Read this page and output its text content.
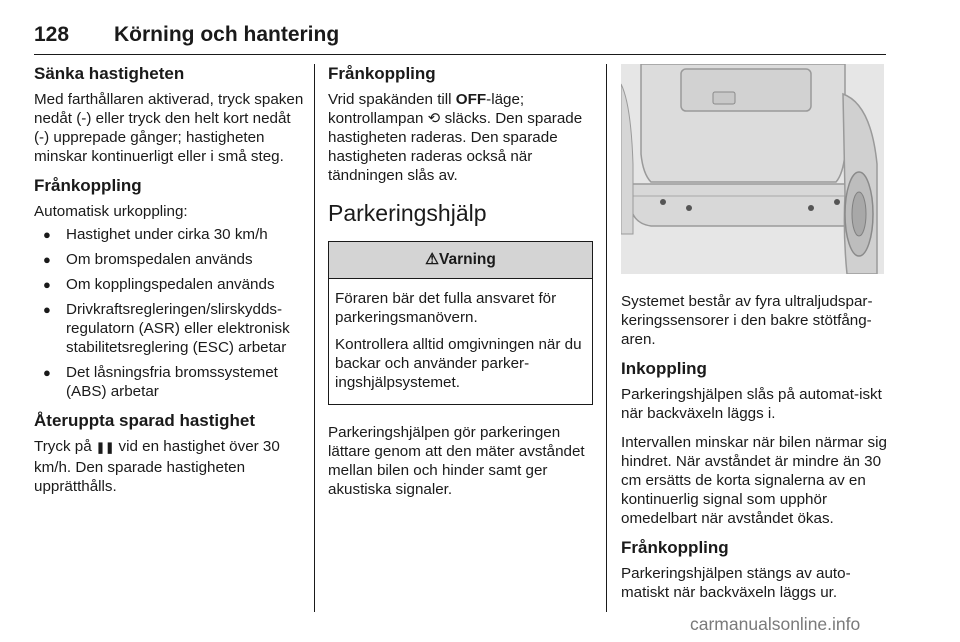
128 Körning och hantering
Sänka hastigheten

Med farthållaren aktiverad, tryck spaken nedåt (-) eller tryck den helt kort nedåt (-) upprepade gånger; hastigheten minskar kontinuerligt eller i små steg.

Frånkoppling

Automatisk urkoppling:

● Hastighet under cirka 30 km/h
● Om bromspedalen används
● Om kopplingspedalen används
● Drivkraftsregleringen/slirskydds-regulatorn (ASR) eller elektronisk stabilitetsreglering (ESC) arbetar
● Det låsningsfria bromssystemet (ABS) arbetar
Återuppta sparad hastighet

Tryck på ❚❚ vid en hastighet över 30 km/h. Den sparade hastigheten upprätthålls.

Frånkoppling

Vrid spakänden till OFF-läge; kontrollampan ⟲ släcks. Den sparade hastigheten raderas. Den sparade hastigheten raderas också när tändningen slås av.

Parkeringshjälp
⚠Varning

Föraren bär det fulla ansvaret för parkeringsmanövern.

Kontrollera alltid omgivningen när du backar och använder parker-ingshjälpsystemet.

Parkeringshjälpen gör parkeringen lättare genom att den mäter avståndet mellan bilen och hinder samt ger akustiska signaler.

Systemet består av fyra ultraljudspar-keringssensorer i den bakre stötfång-aren.

Inkoppling

Parkeringshjälpen slås på automat-iskt när backväxeln läggs i.

Intervallen minskar när bilen närmar sig hindret. När avståndet är mindre än 30 cm ersätts de korta signalerna av en kontinuerlig signal som upphör omedelbart när avståndet ökas.

Frånkoppling

Parkeringshjälpen stängs av auto-matiskt när backväxeln läggs ur.

carmanualsonline.info
